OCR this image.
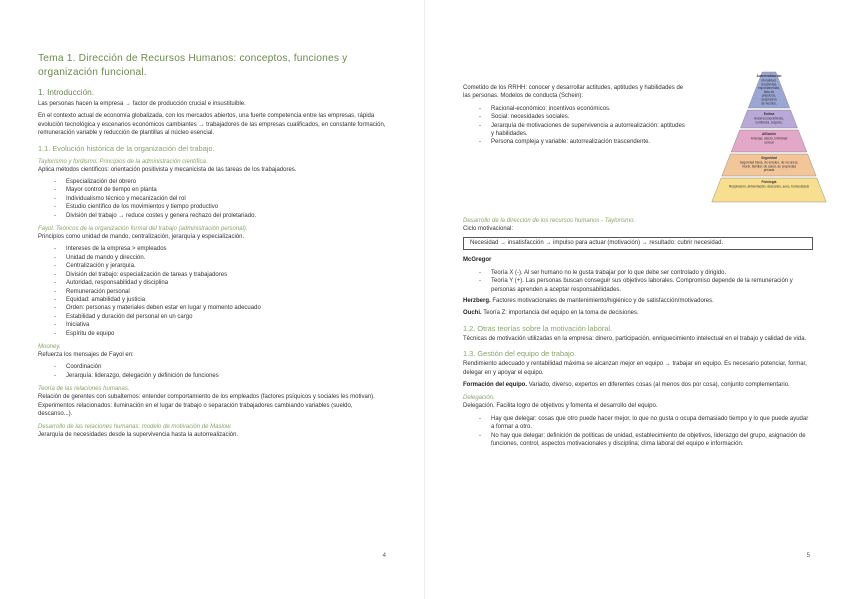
Tema 1. Dirección de Recursos Humanos: conceptos, funciones y organización funcional.
1. Introducción.

Las personas hacen la empresa → factor de producción crucial e insustituible.

En el contexto actual de economía globalizada, con los mercados abiertos, una fuerte competencia entre las empresas, rápida evolución tecnológica y escenarios económicos cambiantes → trabajadores de las empresas cualificados, en constante formación, remuneración variable y reducción de plantillas al núcleo esencial.

1.1. Evolución histórica de la organización del trabajo.
Taylorismo y fordismo. Principios de la administración científica.

Aplica métodos científicos: orientación positivista y mecanicista de las tareas de los trabajadores.

- Especialización del obrero
- Mayor control de tiempo en planta
- Individualismo técnico y mecanización del rol
- Estudio científico de los movimientos y tiempo productivo
- División del trabajo → reduce costes y genera rechazo del proletariado.
Fayol. Teóricos de la organización formal del trabajo (administración personal).

Principios como unidad de mando, centralización, jerarquía y especialización.

- Intereses de la empresa > empleados
- Unidad de mando y dirección.
- Centralización y jerarquía.
- División del trabajo: especialización de tareas y trabajadores
- Autoridad, responsabilidad y disciplina
- Remuneración personal
- Equidad: amabilidad y justicia
- Orden: personas y materiales deben estar en lugar y momento adecuado
- Estabilidad y duración del personal en un cargo
- Iniciativa
- Espíritu de equipo
Mooney.

Refuerza los mensajes de Fayol en:

- Coordinación
- Jerarquía: liderazgo, delegación y definición de funciones
Teoría de las relaciones humanas.

Relación de gerentes con subalternos: entender comportamiento de los empleados (factores psíquicos y sociales les motivan). Experimentos relacionados: iluminación en el lugar de trabajo o separación trabajadores cambiando variables (sueldo, descanso...).

Desarrollo de las relaciones humanas: modelo de motivación de Maslow.

Jerarquía de necesidades desde la supervivencia hasta la autorrealización.

4

Cometido de los RRHH: conocer y desarrollar actitudes, aptitudes y habilidades de las personas. Modelos de conducta (Schein):

- Racional-económico: incentivos económicos.
- Social: necesidades sociales.
- Jerarquía de motivaciones de supervivencia a autorrealización: aptitudes y habilidades.
- Persona compleja y variable: autorrealización trascendente.
Autorrealización
Moralidad,
creatividad,
espontaneidad,
falta de
prejuicios,
aceptación
de hechos,
Estima
Autorreconocimiento,
confianza, respeto,
Afiliación
Amistad, afecto, intimidad
sexual
Seguridad
Seguridad física, de empleo, de recursos,
moral, familiar, de salud, de propiedad
privada
Fisiología
Respiración, alimentación, descanso, sexo, homeostasis
Desarrollo de la dirección de los recursos humanos - Taylorismo.

Ciclo motivacional:

Necesidad → insatisfacción → impulso para actuar (motivación) → resultado: cubrir necesidad.

McGregor

- Teoría X (-). Al ser humano no le gusta trabajar por lo que debe ser controlado y dirigido.
- Teoría Y (+). Las personas buscan conseguir sus objetivos laborales. Compromiso depende de la remuneración y personas aprenden a aceptar responsabilidades.

Herzberg. Factores motivacionales de mantenimiento/higiénico y de satisfacción/motivadores.

Ouchi. Teoría Z: importancia del equipo en la toma de decisiones.

1.2. Otras teorías sobre la motivación laboral.

Técnicas de motivación utilizadas en la empresa: dinero, participación, enriquecimiento intelectual en el trabajo y calidad de vida.

1.3. Gestión del equipo de trabajo.

Rendimiento adecuado y rentabilidad máxima se alcanzan mejor en equipo → trabajar en equipo. Es necesario potenciar, formar, delegar en y apoyar el equipo.

Formación del equipo. Variado, diverso, expertos en diferentes cosas (al menos dos por cosa), conjunto complementario.

Delegación.

Delegación. Facilita logro de objetivos y fomenta el desarrollo del equipo.

- Hay que delegar: cosas que otro puede hacer mejor, lo que no gusta o ocupa demasiado tiempo y lo que puede ayudar a formar a otro.
- No hay que delegar: definición de políticas de unidad, establecimiento de objetivos, liderazgo del grupo, asignación de funciones, control, aspectos motivacionales y disciplina; clima laboral del equipo e información.
5
